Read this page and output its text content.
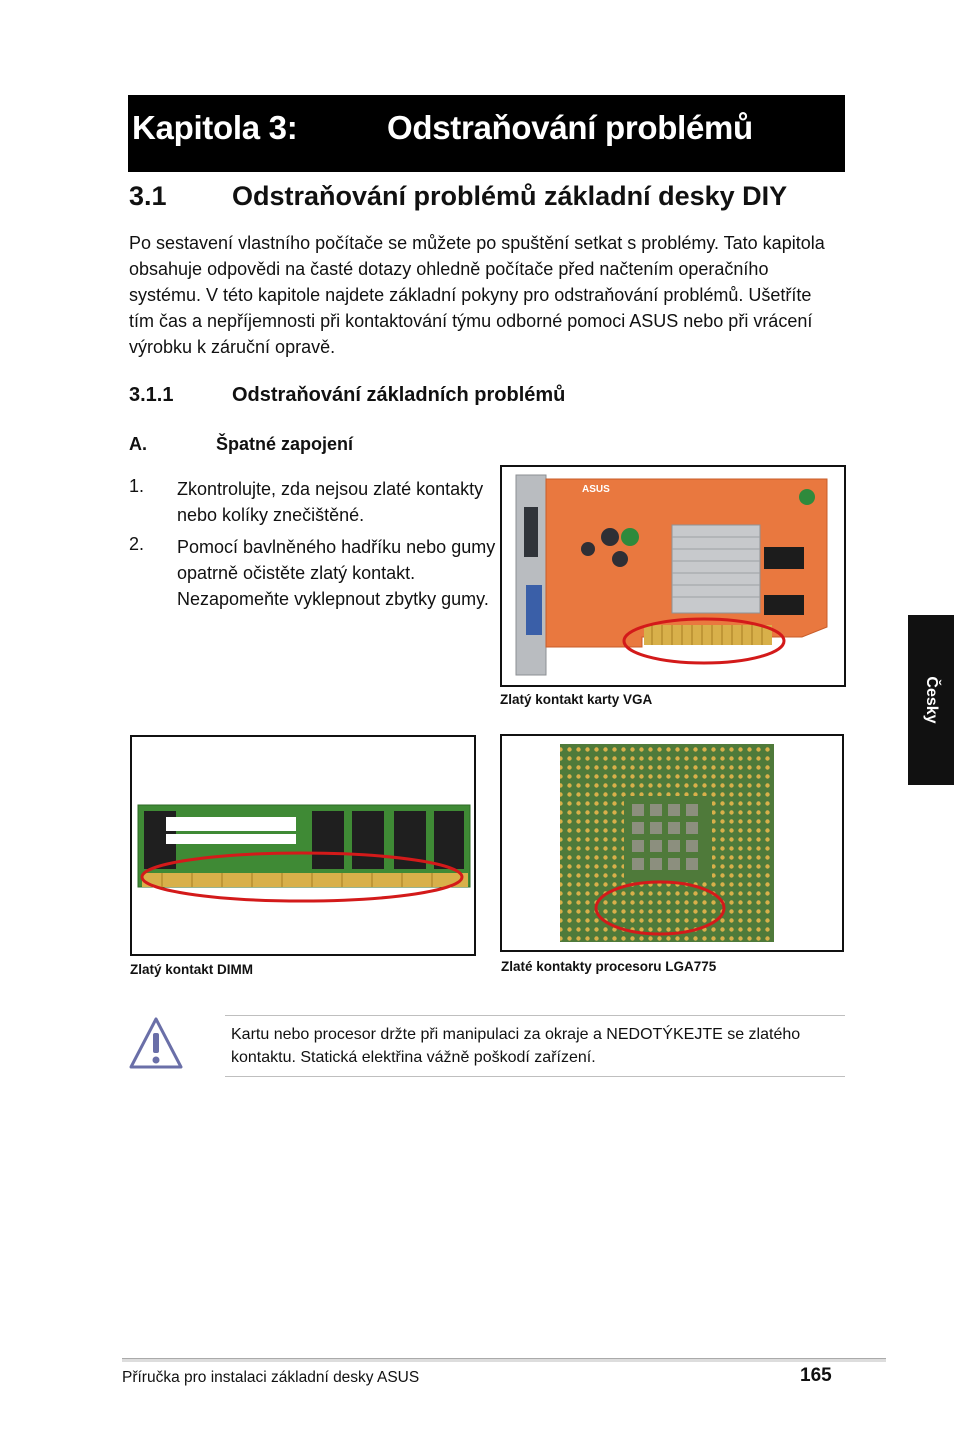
Kapitola 3:	Odstraňování problémů
3.1 Odstraňování problémů základní desky DIY

Po sestavení vlastního počítače se můžete po spuštění setkat s problémy. Tato kapitola obsahuje odpovědi na časté dotazy ohledně počítače před načtením operačního systému. V této kapitole najdete základní pokyny pro odstraňování problémů. Ušetříte tím čas a nepříjemnosti při kontaktování týmu odborné pomoci ASUS nebo při vrácení výrobku k záruční opravě.

3.1.1	Odstraňování základních problémů
A.	Špatné zapojení
1. Zkontrolujte, zda nejsou zlaté kontakty nebo kolíky znečištěné.
2. Pomocí bavlněného hadříku nebo gumy opatrně očistěte zlatý kontakt. Nezapomeňte vyklepnout zbytky gumy.
ASUS
Zlatý kontakt karty VGA
Zlatý kontakt DIMM	Zlaté kontakty procesoru LGA775
Česky
Kartu nebo procesor držte při manipulaci za okraje a NEDOTÝKEJTE se zlatého kontaktu. Statická elektřina vážně poškodí zařízení.
Příručka pro instalaci základní desky ASUS	165
